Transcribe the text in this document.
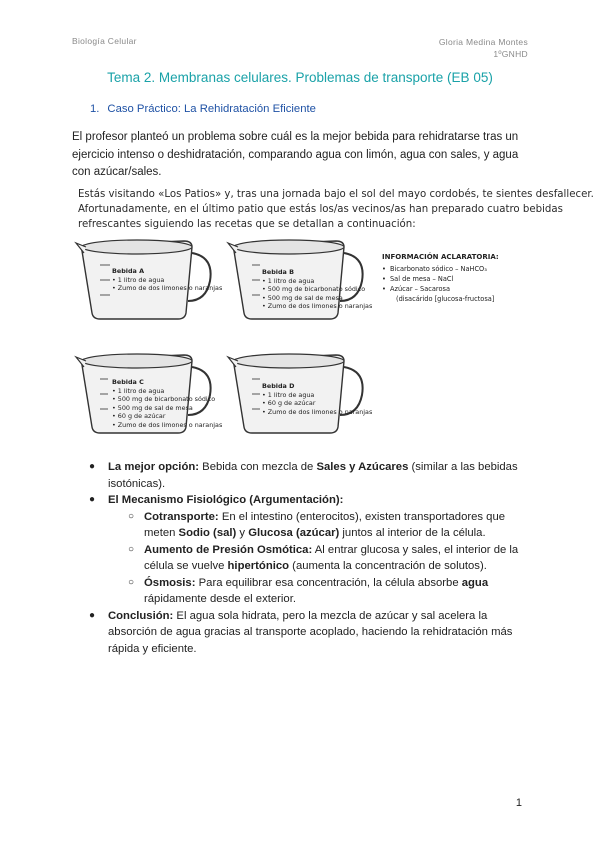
Biología Celular	Gloria Medina Montes
1ºGNHD
Tema 2. Membranas celulares. Problemas de transporte (EB 05)
1. Caso Práctico: La Rehidratación Eficiente
El profesor planteó un problema sobre cuál es la mejor bebida para rehidratarse tras un ejercicio intenso o deshidratación, comparando agua con limón, agua con sales, y agua con azúcar/sales.
Estás visitando «Los Patios» y, tras una jornada bajo el sol del mayo cordobés, te sientes desfallecer.
Afortunadamente, en el último patio que estás los/as vecinos/as han preparado cuatro bebidas
refrescantes siguiendo las recetas que se detallan a continuación:
Bebida A
• 1 litro de agua
• Zumo de dos limones o naranjas
Bebida B
• 1 litro de agua
• 500 mg de bicarbonato sódico
• 500 mg de sal de mesa
• Zumo de dos limones o naranjas
Bebida C
• 1 litro de agua
• 500 mg de bicarbonato sódico
• 500 mg de sal de mesa
• 60 g de azúcar
• Zumo de dos limones o naranjas
Bebida D
• 1 litro de agua
• 60 g de azúcar
• Zumo de dos limones o naranjas
INFORMACIÓN ACLARATORIA:
• Bicarbonato sódico – NaHCO₃
• Sal de mesa – NaCl
• Azúcar – Sacarosa
(disacárido [glucosa-fructosa]
● La mejor opción: Bebida con mezcla de Sales y Azúcares (similar a las bebidas isotónicas).
● El Mecanismo Fisiológico (Argumentación):
○ Cotransporte: En el intestino (enterocitos), existen transportadores que meten Sodio (sal) y Glucosa (azúcar) juntos al interior de la célula.
○ Aumento de Presión Osmótica: Al entrar glucosa y sales, el interior de la célula se vuelve hipertónico (aumenta la concentración de solutos).
○ Ósmosis: Para equilibrar esa concentración, la célula absorbe agua rápidamente desde el exterior.
● Conclusión: El agua sola hidrata, pero la mezcla de azúcar y sal acelera la absorción de agua gracias al transporte acoplado, haciendo la rehidratación más rápida y eficiente.
1
